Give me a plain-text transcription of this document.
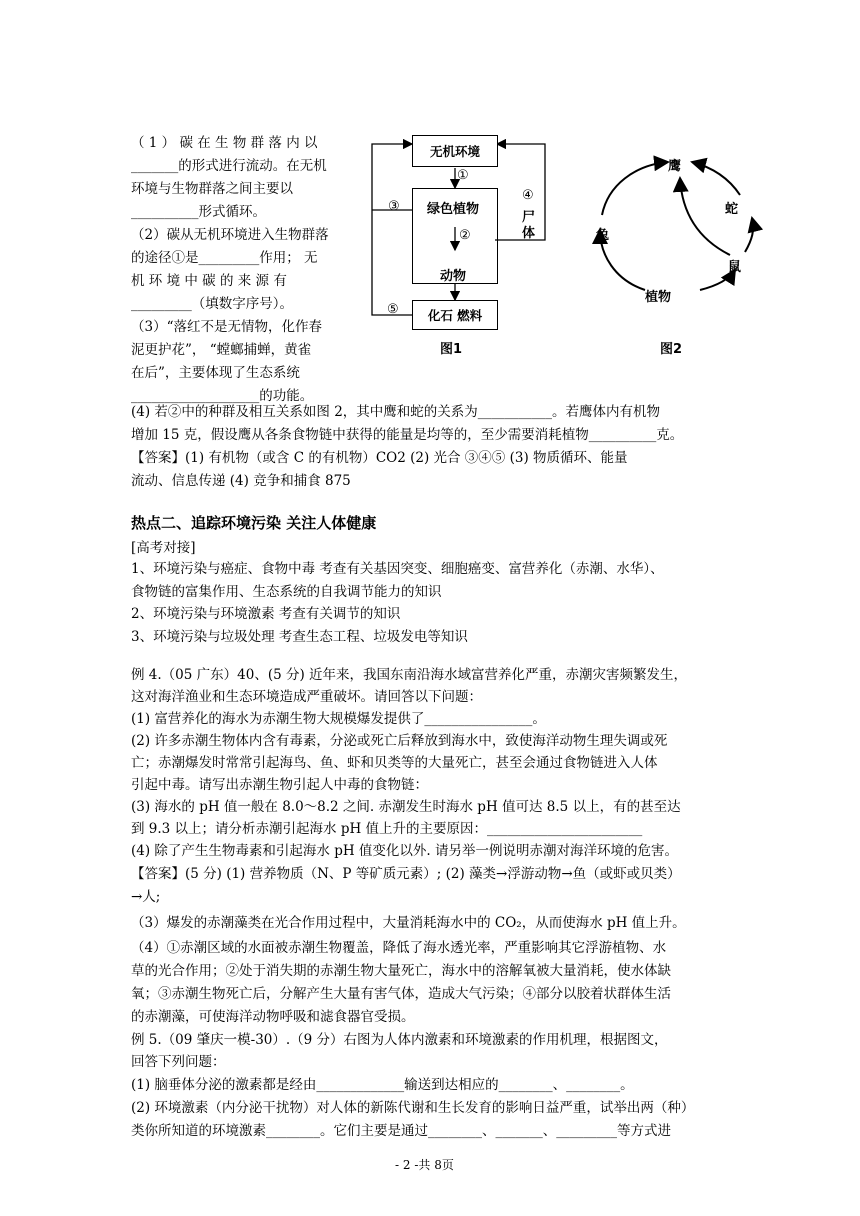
（ 1 ） 碳 在 生 物 群 落 内 以
_______的形式进行流动。在无机
环境与生物群落之间主要以
__________形式循环。
（2）碳从无机环境进入生物群落
的途径①是_________作用； 无
机 环 境 中 碳 的 来 源 有
_________（填数字序号）。
（3）“落红不是无情物，化作春
泥更护花”， “螳螂捕蝉，黄雀
在后”，主要体现了生态系统
___________________的功能。
无机环境
绿色植物
动物
化石 燃料
①
②
③
④
⑤
尸体
图1
鹰
蛇
兔
鼠
植物
图2
(4) 若②中的种群及相互关系如图 2，其中鹰和蛇的关系为___________。若鹰体内有机物
增加 15 克，假设鹰从各条食物链中获得的能量是均等的，至少需要消耗植物__________克。
【答案】(1) 有机物（或含 C 的有机物）CO2 (2) 光合 ③④⑤ (3) 物质循环、能量
流动、信息传递 (4) 竞争和捕食 875
热点二、追踪环境污染 关注人体健康
[高考对接]
1、环境污染与癌症、食物中毒 考查有关基因突变、细胞癌变、富营养化（赤潮、水华）、
食物链的富集作用、生态系统的自我调节能力的知识
2、环境污染与环境激素 考查有关调节的知识
3、环境污染与垃圾处理 考查生态工程、垃圾发电等知识
例 4.（05 广东）40、(5 分) 近年来，我国东南沿海水域富营养化严重，赤潮灾害频繁发生，
这对海洋渔业和生态环境造成严重破坏。请回答以下问题：
(1) 富营养化的海水为赤潮生物大规模爆发提供了________________。
(2) 许多赤潮生物体内含有毒素，分泌或死亡后释放到海水中，致使海洋动物生理失调或死
亡；赤潮爆发时常常引起海鸟、鱼、虾和贝类等的大量死亡，甚至会通过食物链进入人体
引起中毒。请写出赤潮生物引起人中毒的食物链：
(3) 海水的 pH 值一般在 8.0～8.2 之间. 赤潮发生时海水 pH 值可达 8.5 以上，有的甚至达
到 9.3 以上；请分析赤潮引起海水 pH 值上升的主要原因：_______________________
(4) 除了产生生物毒素和引起海水 pH 值变化以外. 请另举一例说明赤潮对海洋环境的危害。
【答案】(5 分) (1) 营养物质（N、P 等矿质元素）; (2) 藻类→浮游动物→鱼（或虾或贝类）
→人;
（3）爆发的赤潮藻类在光合作用过程中，大量消耗海水中的 CO₂，从而使海水 pH 值上升。
（4）①赤潮区域的水面被赤潮生物覆盖，降低了海水透光率，严重影响其它浮游植物、水
草的光合作用；②处于消失期的赤潮生物大量死亡，海水中的溶解氧被大量消耗，使水体缺
氧；③赤潮生物死亡后，分解产生大量有害气体，造成大气污染；④部分以胶着状群体生活
的赤潮藻，可使海洋动物呼吸和滤食器官受损。
例 5.（09 肇庆一模-30）.（9 分）右图为人体内激素和环境激素的作用机理，根据图文，
回答下列问题：
(1) 脑垂体分泌的激素都是经由_____________输送到达相应的________、________。
(2) 环境激素（内分泌干扰物）对人体的新陈代谢和生长发育的影响日益严重，试举出两（种）
类你所知道的环境激素________。它们主要是通过________、_______、_________等方式进
- 2 -共 8页
